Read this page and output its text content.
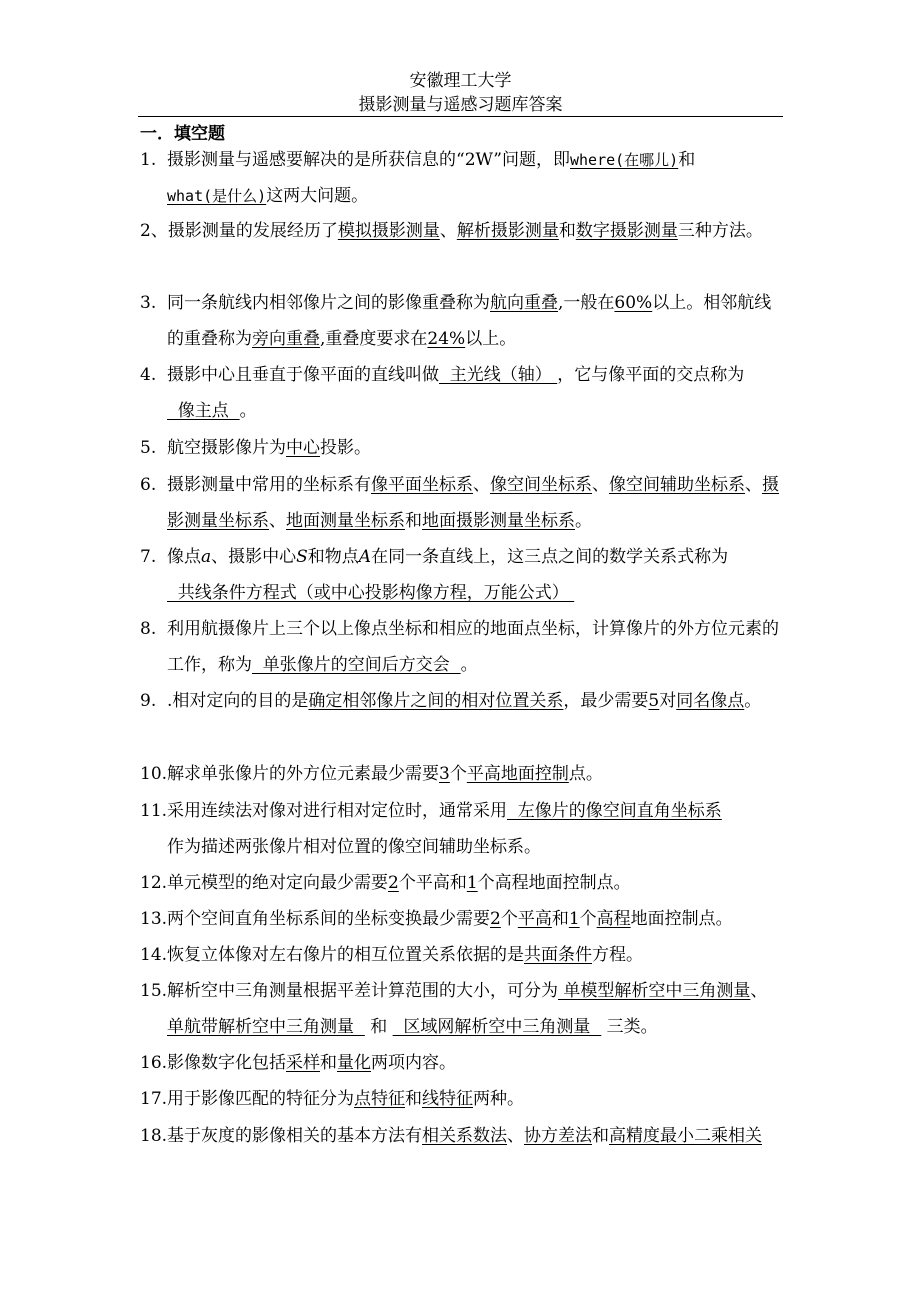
安徽理工大学
摄影测量与遥感习题库答案
一．填空题
1. 摄影测量与遥感要解决的是所获信息的“2W”问题，即where(在哪儿)和
what(是什么)这两大问题。
2、摄影测量的发展经历了模拟摄影测量、解析摄影测量和数字摄影测量三种方法。
3. 同一条航线内相邻像片之间的影像重叠称为航向重叠,一般在60%以上。相邻航线的重叠称为旁向重叠,重叠度要求在24%以上。
4. 摄影中心且垂直于像平面的直线叫做  主光线（轴） ，它与像平面的交点称为  像主点  。
5. 航空摄影像片为中心投影。
6. 摄影测量中常用的坐标系有像平面坐标系、像空间坐标系、像空间辅助坐标系、摄影测量坐标系、地面测量坐标系和地面摄影测量坐标系。
7. 像点a、摄影中心S和物点A在同一条直线上，这三点之间的数学关系式称为  共线条件方程式（或中心投影构像方程，万能公式）
8. 利用航摄像片上三个以上像点坐标和相应的地面点坐标，计算像片的外方位元素的工作，称为  单张像片的空间后方交会  。
9. .相对定向的目的是确定相邻像片之间的相对位置关系，最少需要5对同名像点。
10. 解求单张像片的外方位元素最少需要3个平高地面控制点。
11. 采用连续法对像对进行相对定位时，通常采用  左像片的像空间直角坐标系
作为描述两张像片相对位置的像空间辅助坐标系。
12. 单元模型的绝对定向最少需要2个平高和1个高程地面控制点。
13. 两个空间直角坐标系间的坐标变换最少需要2个平高和1个高程地面控制点。
14. 恢复立体像对左右像片的相互位置关系依据的是共面条件方程。
15. 解析空中三角测量根据平差计算范围的大小，可分为 单模型解析空中三角测量、单航带解析空中三角测量   和   区域网解析空中三角测量   三类。
16. 影像数字化包括采样和量化两项内容。
17. 用于影像匹配的特征分为点特征和线特征两种。
18. 基于灰度的影像相关的基本方法有相关系数法、协方差法和高精度最小二乘相关
